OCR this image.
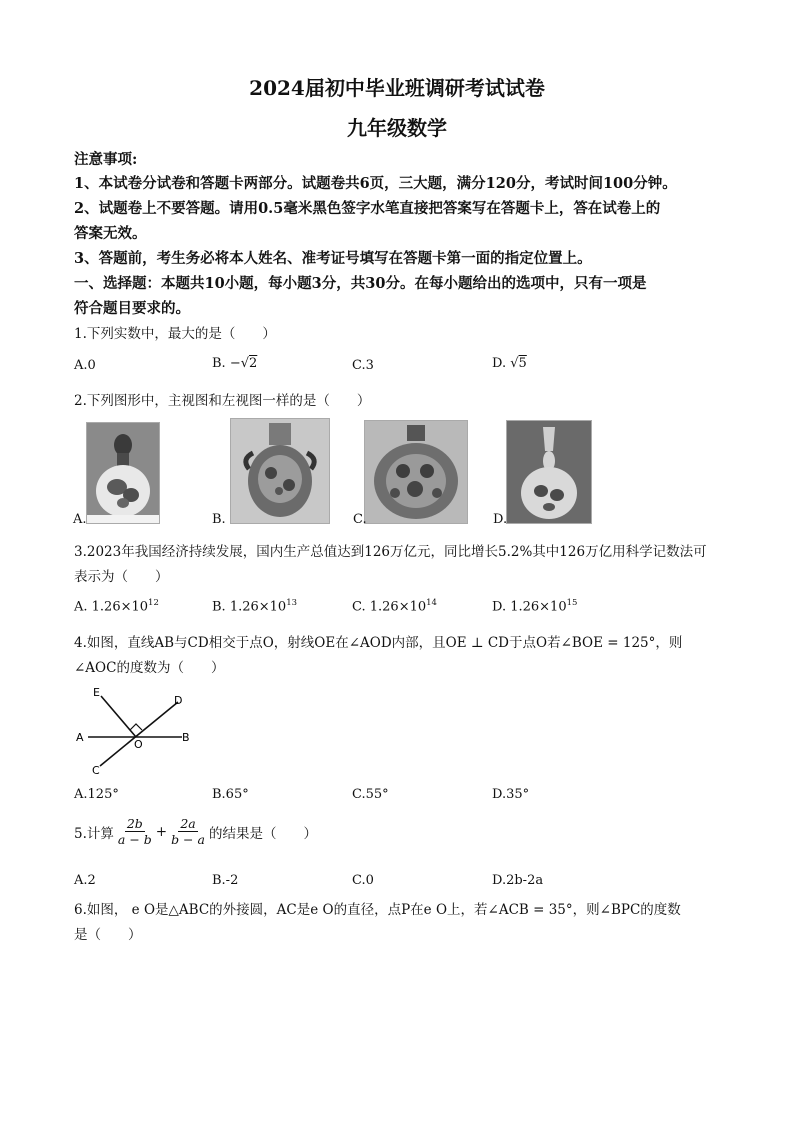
2024届初中毕业班调研考试试卷
九年级数学
注意事项:
1、本试卷分试卷和答题卡两部分。试题卷共6页，三大题，满分120分，考试时间100分钟。
2、试题卷上不要答题。请用0.5毫米黑色签字水笔直接把答案写在答题卡上，答在试卷上的
答案无效。
3、答题前，考生务必将本人姓名、准考证号填写在答题卡第一面的指定位置上。
一、选择题：本题共10小题，每小题3分，共30分。在每小题给出的选项中，只有一项是
符合题目要求的。
1.下列实数中，最大的是（　　）
A.0	B. −√2	C.3	D. √5
2.下列图形中，主视图和左视图一样的是（　　）
A.	B.	C.	D.
3.2023年我国经济持续发展，国内生产总值达到126万亿元，同比增长5.2%其中126万亿用科学记数法可
表示为（　　）
A. $1.26\times 10^{12}$	B. $1.26\times 10^{13}$	C. $1.26\times 10^{14}$	D. $1.26\times 10^{15}$
4.如图，直线AB与CD相交于点O，射线OE在∠AOD内部，且OE ⊥ CD于点O若∠BOE = 125°，则
∠AOC的度数为（　　）
E
D
A
O
B
C
A.125°	B.65°	C.55°	D.35°
5.计算 $\frac{2b}{a - b} + \frac{2a}{b - a}$ 的结果是（　　）
A.2	B.-2	C.0	D.2b-2a
6.如图， e O是△ABC的外接圆，AC是e O的直径，点P在e O上，若∠ACB = 35°，则∠BPC的度数
是（　　）
